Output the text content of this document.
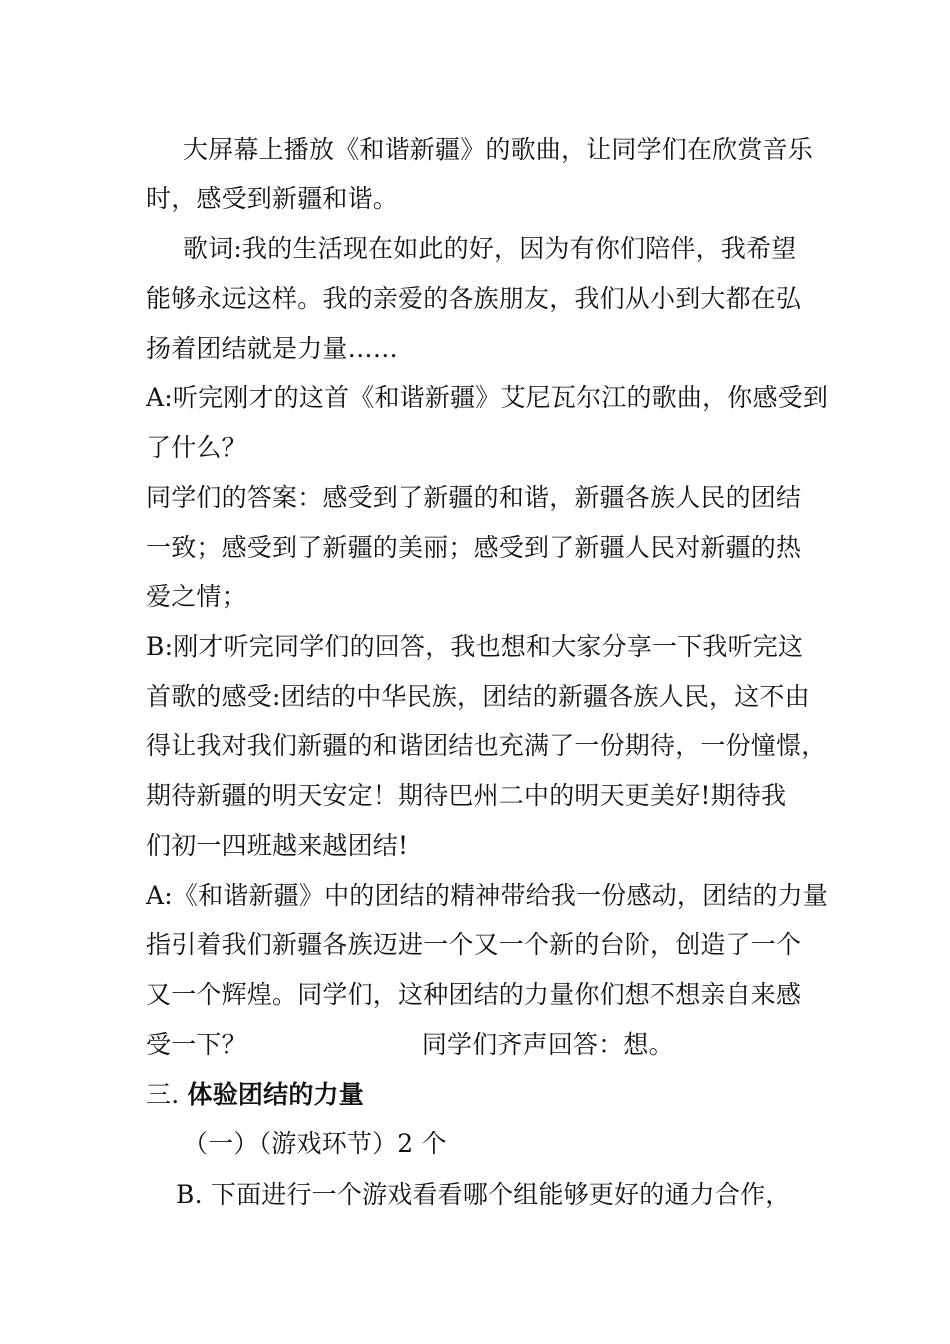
大屏幕上播放《和谐新疆》的歌曲，让同学们在欣赏音乐
时，感受到新疆和谐。
歌词:我的生活现在如此的好，因为有你们陪伴，我希望
能够永远这样。我的亲爱的各族朋友，我们从小到大都在弘
扬着团结就是力量……
A:听完刚才的这首《和谐新疆》艾尼瓦尔江的歌曲，你感受到
了什么？
同学们的答案：感受到了新疆的和谐，新疆各族人民的团结
一致；感受到了新疆的美丽；感受到了新疆人民对新疆的热
爱之情；
B:刚才听完同学们的回答，我也想和大家分享一下我听完这
首歌的感受:团结的中华民族，团结的新疆各族人民，这不由
得让我对我们新疆的和谐团结也充满了一份期待，一份憧憬，
期待新疆的明天安定！期待巴州二中的明天更美好!期待我
们初一四班越来越团结!
A:《和谐新疆》中的团结的精神带给我一份感动，团结的力量
指引着我们新疆各族迈进一个又一个新的台阶，创造了一个
又一个辉煌。同学们，这种团结的力量你们想不想亲自来感
受一下？	同学们齐声回答：想。
三. 体验团结的力量
（一）（游戏环节）2 个
B. 下面进行一个游戏看看哪个组能够更好的通力合作，
